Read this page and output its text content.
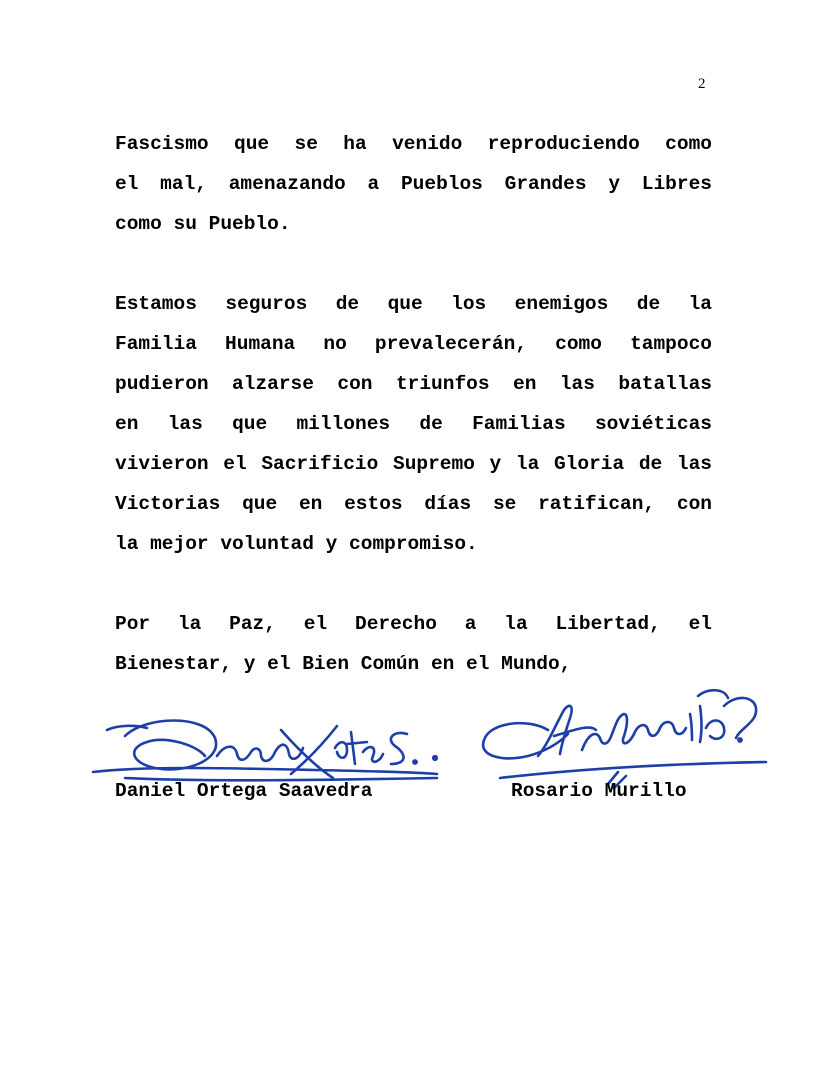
2
Fascismo que se ha venido reproduciendo como
el mal, amenazando a Pueblos Grandes y Libres
como su Pueblo.
Estamos seguros de que los enemigos de la
Familia Humana no prevalecerán, como tampoco
pudieron alzarse con triunfos en las batallas
en las que millones de Familias soviéticas
vivieron el Sacrificio Supremo y la Gloria de las
Victorias que en estos días se ratifican, con
la mejor voluntad y compromiso.
Por la Paz, el Derecho a la Libertad, el
Bienestar, y el Bien Común en el Mundo,
Daniel Ortega Saavedra	Rosario Murillo
